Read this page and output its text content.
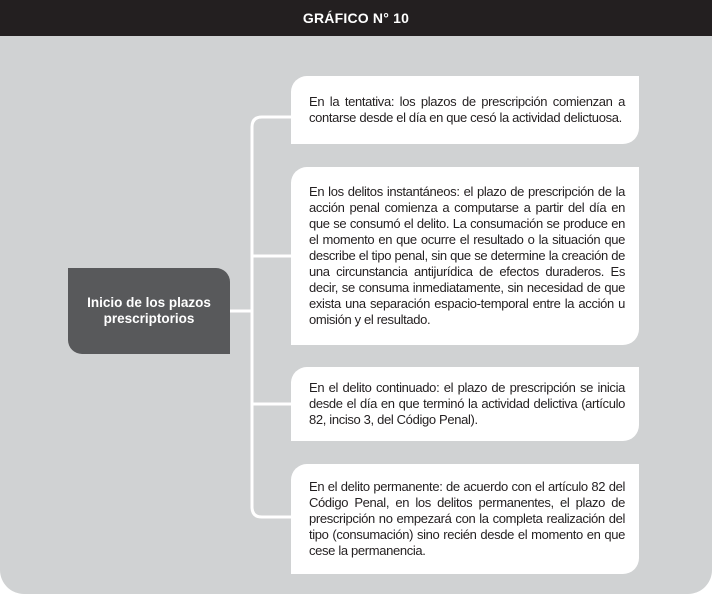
GRÁFICO N° 10
Inicio de los plazos prescriptorios
En la tentativa: los plazos de prescripción comienzan a contarse desde el día en que cesó la actividad delictuosa.
En los delitos instantáneos: el plazo de prescripción de la acción penal comienza a computarse a partir del día en que se consumó el delito. La consumación se produce en el momento en que ocurre el resultado o la situación que describe el tipo penal, sin que se determine la creación de una circunstancia antijurídica de efectos duraderos. Es decir, se consuma inmediatamente, sin necesidad de que exista una separación espacio-temporal entre la acción u omisión y el resultado.
En el delito continuado: el plazo de prescripción se inicia desde el día en que terminó la actividad delictiva (artículo 82, inciso 3, del Código Penal).
En el delito permanente: de acuerdo con el artículo 82 del Código Penal, en los delitos permanentes, el plazo de prescripción no empezará con la completa realización del tipo (consumación) sino recién desde el momento en que cese la permanencia.
